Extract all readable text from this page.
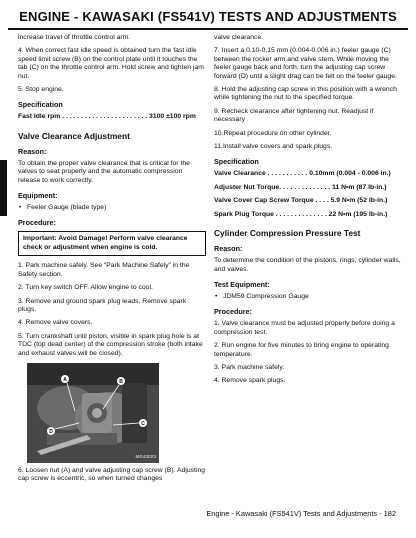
ENGINE - KAWASAKI (FS541V) TESTS AND ADJUSTMENTS

increase travel of throttle control arm.

4. When correct fast idle speed is obtained turn the fast idle speed limit screw (B) on the control plate until it touches the tab (C) on the throttle control arm. Hold screw and tighten jam nut.

5. Stop engine.

Specification

Fast Idle rpm . . . . . . . . . . . . . . . . . . . . . . . 3100 ±100 rpm

Valve Clearance Adjustment
Reason:

To obtain the proper valve clearance that is critical for the valves to seat properly and the automatic compression release to work correctly.

Equipment:

• Feeler Gauge (blade type)

Procedure:
Important: Avoid Damage! Perform valve clearance check or adjustment when engine is cold.

1. Park machine safely. See “Park Machine Safely” in the Safety section.

2. Turn key switch OFF. Allow engine to cool.

3. Remove and ground spark plug leads. Remove spark plugs.

4. Remove valve covers.

5. Turn crankshaft until piston, visible in spark plug hole is at TDC (top dead center) of the compression stroke (both intake and exhaust valves will be closed).

A	B
C
D
MX43023

6. Loosen nut (A) and valve adjusting cap screw (B). Adjusting cap screw is eccentric, so when turned changes

valve clearance.

7. Insert a 0.10-0.15 mm (0.004-0.006 in.) feeler gauge (C) between the rocker arm and valve stem. While moving the feeler gauge back and forth, turn the adjusting cap screw forward (D) until a slight drag can be felt on the feeler gauge.

8. Hold the adjusting cap screw in this position with a wrench while tightening the nut to the specified torque.

9. Recheck clearance after tightening nut. Readjust if necessary

10.Repeat procedure on other cylinder.

11.Install valve covers and spark plugs.

Specification

Valve Clearance . . . . . . . . . . . 0.10mm (0.004 - 0.006 in.)

Adjuster Nut Torque. . . . . . . . . . . . . . 11 N•m (87 lb-in.)

Valve Cover Cap Screw Torque . . . . 5.9 N•m (52 lb-in.)

Spark Plug Torque . . . . . . . . . . . . . . 22 N•m (195 lb-in.)

Cylinder Compression Pressure Test
Reason:

To determine the condition of the pistons, rings, cylinder walls, and valves.

Test Equipment:

• JDM59 Compression Gauge

Procedure:

1. Valve clearance must be adjusted properly before doing a compression test.

2. Run engine for five minutes to bring engine to operating temperature.

3. Park machine safely.

4. Remove spark plugs.

Engine - Kawasaki (FS541V) Tests and Adjustments - 182
